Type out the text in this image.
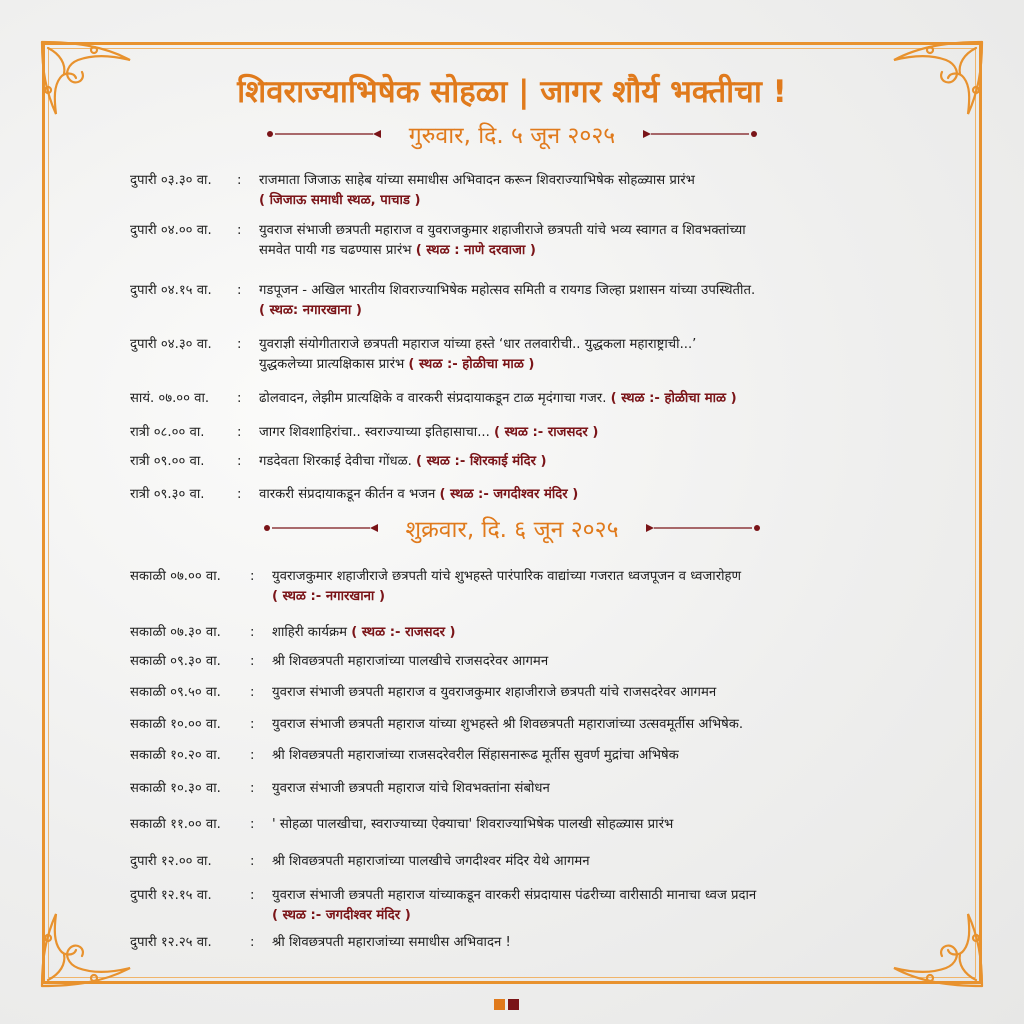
शिवराज्याभिषेक सोहळा | जागर शौर्य भक्तीचा !
गुरुवार, दि. ५ जून २०२५
दुपारी ०३.३० वा. : राजमाता जिजाऊ साहेब यांच्या समाधीस अभिवादन करून शिवराज्याभिषेक सोहळ्यास प्रारंभ
( जिजाऊ समाधी स्थळ, पाचाड )
दुपारी ०४.०० वा. : युवराज संभाजी छत्रपती महाराज व युवराजकुमार शहाजीराजे छत्रपती यांचे भव्य स्वागत व शिवभक्तांच्या
समवेत पायी गड चढण्यास प्रारंभ ( स्थळ : नाणे दरवाजा )
दुपारी ०४.१५ वा. : गडपूजन - अखिल भारतीय शिवराज्याभिषेक महोत्सव समिती व रायगड जिल्हा प्रशासन यांच्या उपस्थितीत.
( स्थळ: नगारखाना )
दुपारी ०४.३० वा. : युवराज्ञी संयोगीताराजे छत्रपती महाराज यांच्या हस्ते ‘धार तलवारीची.. युद्धकला महाराष्ट्राची...’
युद्धकलेच्या प्रात्यक्षिकास प्रारंभ ( स्थळ :- होळीचा माळ )
सायं. ०७.०० वा. : ढोलवादन, लेझीम प्रात्यक्षिके व वारकरी संप्रदायाकडून टाळ मृदंगाचा गजर. ( स्थळ :- होळीचा माळ )
रात्री ०८.०० वा. : जागर शिवशाहिरांचा.. स्वराज्याच्या इतिहासाचा... ( स्थळ :- राजसदर )
रात्री ०९.०० वा. : गडदेवता शिरकाई देवीचा गोंधळ. ( स्थळ :- शिरकाई मंदिर )
रात्री ०९.३० वा. : वारकरी संप्रदायाकडून कीर्तन व भजन ( स्थळ :- जगदीश्वर मंदिर )
शुक्रवार, दि. ६ जून २०२५
सकाळी ०७.०० वा. : युवराजकुमार शहाजीराजे छत्रपती यांचे शुभहस्ते पारंपारिक वाद्यांच्या गजरात ध्वजपूजन व ध्वजारोहण
( स्थळ :- नगारखाना )
सकाळी ०७.३० वा. : शाहिरी कार्यक्रम ( स्थळ :- राजसदर )
सकाळी ०९.३० वा. : श्री शिवछत्रपती महाराजांच्या पालखीचे राजसदरेवर आगमन
सकाळी ०९.५० वा. : युवराज संभाजी छत्रपती महाराज व युवराजकुमार शहाजीराजे छत्रपती यांचे राजसदरेवर आगमन
सकाळी १०.०० वा. : युवराज संभाजी छत्रपती महाराज यांच्या शुभहस्ते श्री शिवछत्रपती महाराजांच्या उत्सवमूर्तीस अभिषेक.
सकाळी १०.२० वा. : श्री शिवछत्रपती महाराजांच्या राजसदरेवरील सिंहासनारूढ मूर्तीस सुवर्ण मुद्रांचा अभिषेक
सकाळी १०.३० वा. : युवराज संभाजी छत्रपती महाराज यांचे शिवभक्तांना संबोधन
सकाळी ११.०० वा. : ' सोहळा पालखीचा, स्वराज्याच्या ऐक्याचा' शिवराज्याभिषेक पालखी सोहळ्यास प्रारंभ
दुपारी १२.०० वा.	: श्री शिवछत्रपती महाराजांच्या पालखीचे जगदीश्वर मंदिर येथे आगमन
दुपारी १२.१५ वा.	: युवराज संभाजी छत्रपती महाराज यांच्याकडून वारकरी संप्रदायास पंढरीच्या वारीसाठी मानाचा ध्वज प्रदान
( स्थळ :- जगदीश्वर मंदिर )
दुपारी १२.२५ वा.	: श्री शिवछत्रपती महाराजांच्या समाधीस अभिवादन !
